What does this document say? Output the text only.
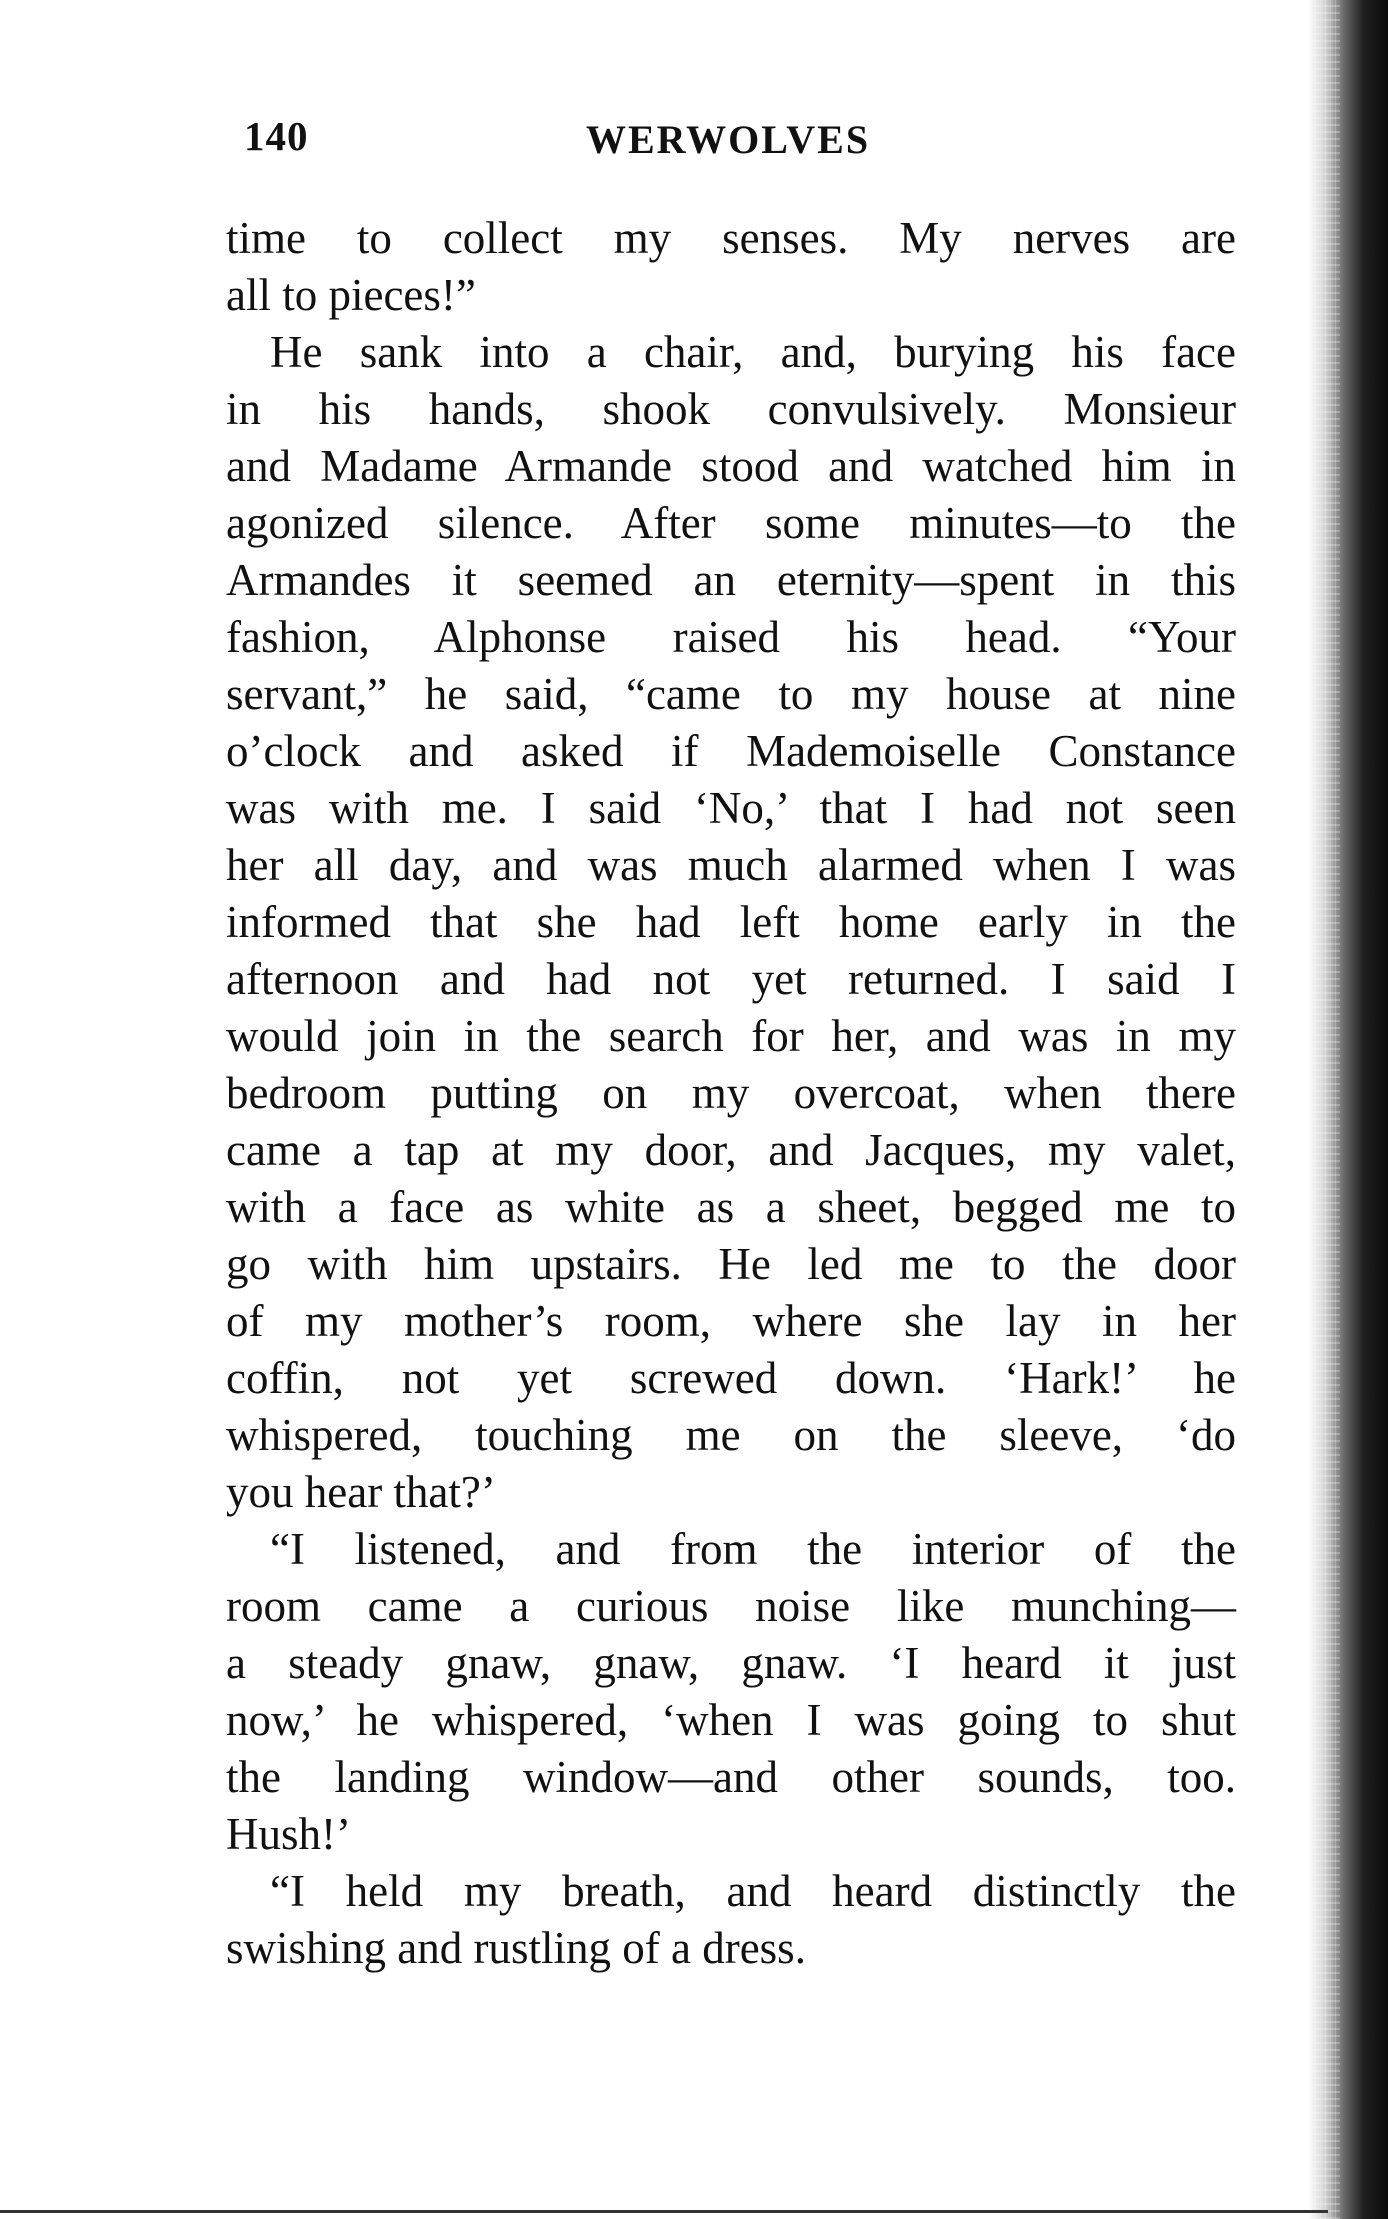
140	WERWOLVES
time to collect my senses. My nerves are
all to pieces!”
He sank into a chair, and, burying his face
in his hands, shook convulsively. Monsieur
and Madame Armande stood and watched him in
agonized silence. After some minutes—to the
Armandes it seemed an eternity—spent in this
fashion, Alphonse raised his head. “Your
servant,” he said, “came to my house at nine
o’clock and asked if Mademoiselle Constance
was with me. I said ‘No,’ that I had not seen
her all day, and was much alarmed when I was
informed that she had left home early in the
afternoon and had not yet returned. I said I
would join in the search for her, and was in my
bedroom putting on my overcoat, when there
came a tap at my door, and Jacques, my valet,
with a face as white as a sheet, begged me to
go with him upstairs. He led me to the door
of my mother’s room, where she lay in her
coffin, not yet screwed down. ‘Hark!’ he
whispered, touching me on the sleeve, ‘do
you hear that?’
“I listened, and from the interior of the
room came a curious noise like munching—
a steady gnaw, gnaw, gnaw. ‘I heard it just
now,’ he whispered, ‘when I was going to shut
the landing window—and other sounds, too.
Hush!’
“I held my breath, and heard distinctly the
swishing and rustling of a dress.
